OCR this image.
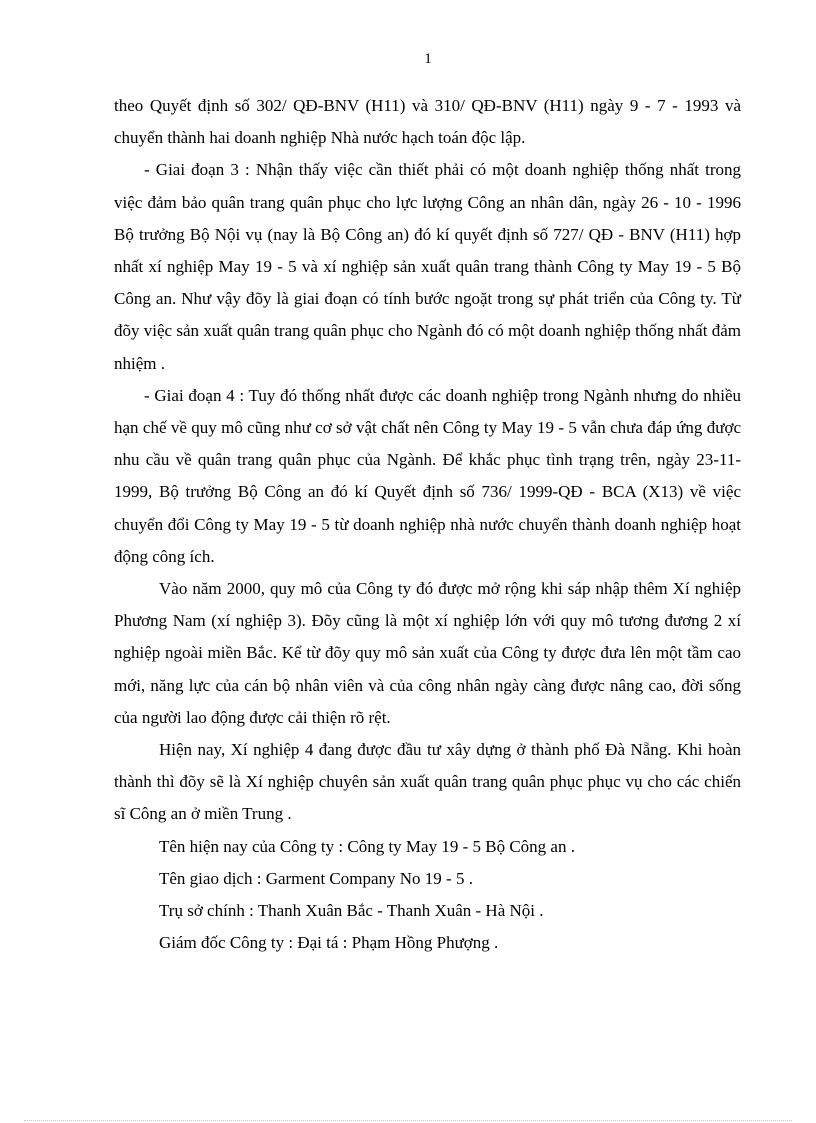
1

theo Quyết định số 302/ QĐ-BNV (H11) và 310/ QĐ-BNV (H11) ngày 9 - 7 - 1993 và chuyển thành hai doanh nghiệp Nhà nước hạch toán độc lập.

- Giai đoạn 3 : Nhận thấy việc cần thiết phải có một doanh nghiệp thống nhất trong việc đảm bảo quân trang quân phục cho lực lượng Công an nhân dân, ngày 26 - 10 - 1996 Bộ trưởng Bộ Nội vụ (nay là Bộ Công an) đó kí quyết định số 727/ QĐ - BNV (H11) hợp nhất xí nghiệp May 19 - 5 và xí nghiệp sản xuất quân trang thành Công ty May 19 - 5 Bộ Công an. Như vậy đõy là giai đoạn có tính bước ngoặt trong sự phát triển của Công ty. Từ đõy việc sản xuất quân trang quân phục cho Ngành đó có một doanh nghiệp thống nhất đảm nhiệm .

- Giai đoạn 4 : Tuy đó thống nhất được các doanh nghiệp trong Ngành nhưng do nhiều hạn chế về quy mô cũng như cơ sở vật chất nên Công ty May 19 - 5 vẫn chưa đáp ứng được nhu cầu về quân trang quân phục của Ngành. Để khắc phục tình trạng trên, ngày 23-11-1999, Bộ trưởng Bộ Công an đó kí Quyết định số 736/ 1999-QĐ - BCA (X13) về việc chuyển đổi Công ty May 19 - 5 từ doanh nghiệp nhà nước chuyển thành doanh nghiệp hoạt động công ích.

Vào năm 2000, quy mô của Công ty đó được mở rộng khi sáp nhập thêm Xí nghiệp Phương Nam (xí nghiệp 3). Đõy cũng là một xí nghiệp lớn với quy mô tương đương 2 xí nghiệp ngoài miền Bắc. Kể từ đõy quy mô sản xuất của Công ty được đưa lên một tầm cao mới, năng lực của cán bộ nhân viên và của công nhân ngày càng được nâng cao, đời sống của người lao động được cải thiện rõ rệt.

Hiện nay, Xí nghiệp 4 đang được đầu tư xây dựng ở thành phố Đà Nẵng. Khi hoàn thành thì đõy sẽ là Xí nghiệp chuyên sản xuất quân trang quân phục phục vụ cho các chiến sĩ Công an ở miền Trung .

Tên hiện nay của Công ty : Công ty May 19 - 5 Bộ Công an .

Tên giao dịch : Garment Company No 19 - 5 .

Trụ sở chính : Thanh Xuân Bắc - Thanh Xuân - Hà Nội .

Giám đốc Công ty : Đại tá : Phạm Hồng Phượng .
